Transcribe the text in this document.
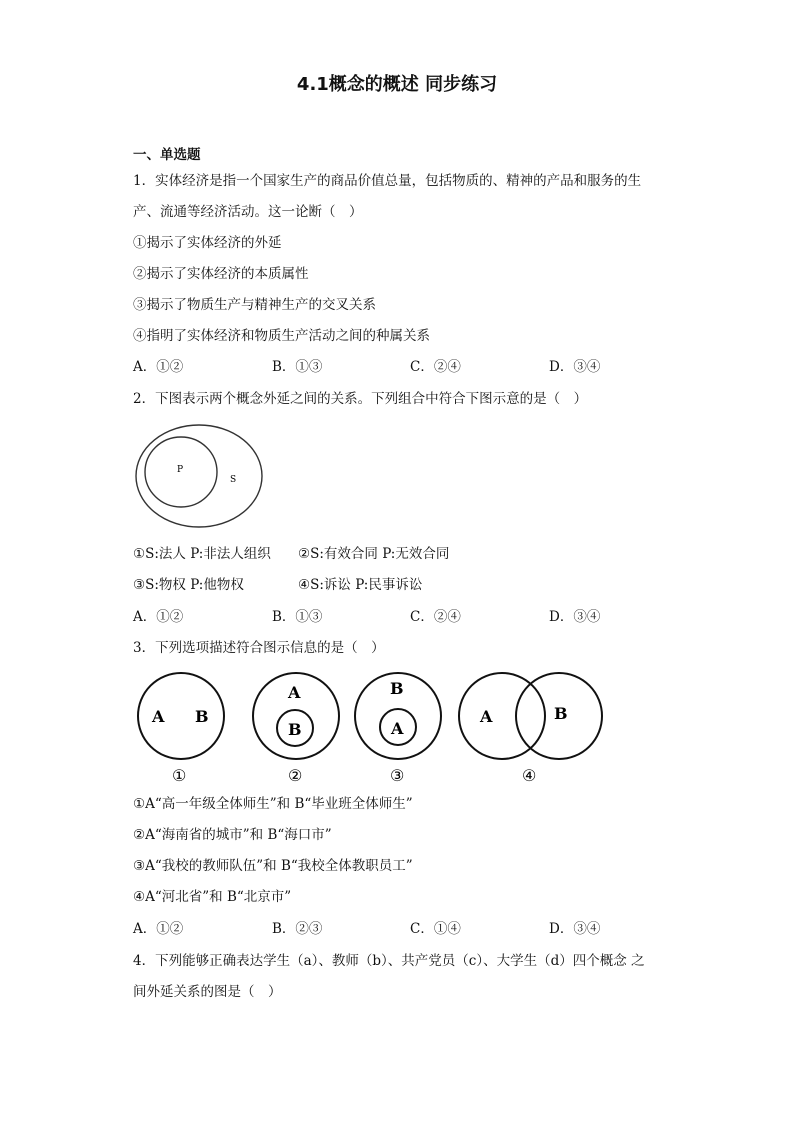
4.1概念的概述 同步练习
一、单选题
1．实体经济是指一个国家生产的商品价值总量，包括物质的、精神的产品和服务的生
产、流通等经济活动。这一论断（　）
①揭示了实体经济的外延
②揭示了实体经济的本质属性
③揭示了物质生产与精神生产的交叉关系
④指明了实体经济和物质生产活动之间的种属关系
A．①②	B．①③	C．②④	D．③④
2．下图表示两个概念外延之间的关系。下列组合中符合下图示意的是（　）
P
S
①S:法人 P:非法人组织 ②S:有效合同 P:无效合同
③S:物权 P:他物权	④S:诉讼 P:民事诉讼
A．①②	B．①③	C．②④	D．③④
3．下列选项描述符合图示信息的是（　）
A B
①
A
B
②
B
A
③
A	B
④
①A“高一年级全体师生”和 B“毕业班全体师生”
②A“海南省的城市”和 B“海口市”
③A“我校的教师队伍”和 B“我校全体教职员工”
④A“河北省”和 B“北京市”
A．①②	B．②③	C．①④	D．③④
4．下列能够正确表达学生（a）、教师（b）、共产党员（c）、大学生（d）四个概念 之
间外延关系的图是（　）
